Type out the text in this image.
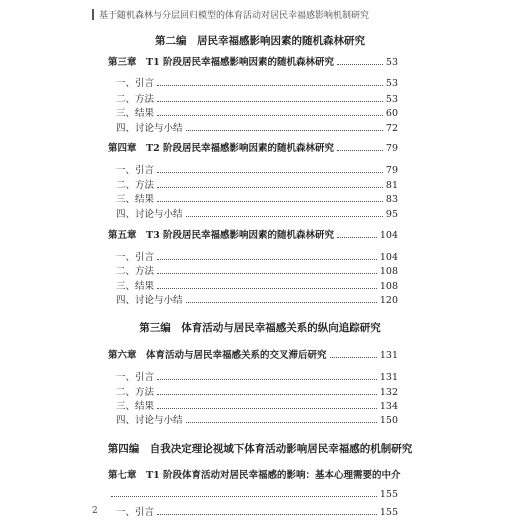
基于随机森林与分层回归模型的体育活动对居民幸福感影响机制研究
第二编　居民幸福感影响因素的随机森林研究
第三章　T1 阶段居民幸福感影响因素的随机森林研究	53
一、引言	53
二、方法	53
三、结果	60
四、讨论与小结	72
第四章　T2 阶段居民幸福感影响因素的随机森林研究	79
一、引言	79
二、方法	81
三、结果	83
四、讨论与小结	95
第五章　T3 阶段居民幸福感影响因素的随机森林研究	104
一、引言	104
二、方法	108
三、结果	108
四、讨论与小结	120
第三编　体育活动与居民幸福感关系的纵向追踪研究
第六章　体育活动与居民幸福感关系的交叉滞后研究	131
一、引言	131
二、方法	132
三、结果	134
四、讨论与小结	150
第四编　自我决定理论视域下体育活动影响居民幸福感的机制研究
第七章　T1 阶段体育活动对居民幸福感的影响：基本心理需要的中介
155
一、引言	155
2
